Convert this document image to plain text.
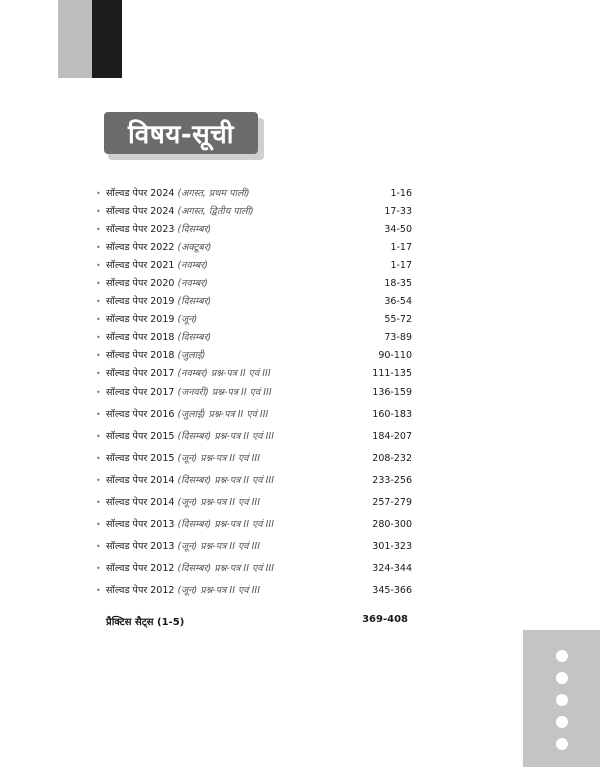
विषय-सूची
• सॉल्वड पेपर 2024 (अगस्त, प्रथम पाली)	1-16
• सॉल्वड पेपर 2024 (अगस्त, द्वितीय पाली)	17-33
• सॉल्वड पेपर 2023 (दिसम्बर)	34-50
• सॉल्वड पेपर 2022 (अक्टूबर)	1-17
• सॉल्वड पेपर 2021 (नवम्बर)	1-17
• सॉल्वड पेपर 2020 (नवम्बर)	18-35
• सॉल्वड पेपर 2019 (दिसम्बर)	36-54
• सॉल्वड पेपर 2019 (जून)	55-72
• सॉल्वड पेपर 2018 (दिसम्बर)	73-89
• सॉल्वड पेपर 2018 (जुलाई)	90-110
• सॉल्वड पेपर 2017 (नवम्बर) प्रश्न-पत्र II एवं III	111-135
• सॉल्वड पेपर 2017 (जनवरी) प्रश्न-पत्र II एवं III	136-159
• सॉल्वड पेपर 2016 (जुलाई) प्रश्न-पत्र II एवं III	160-183
• सॉल्वड पेपर 2015 (दिसम्बर) प्रश्न-पत्र II एवं III	184-207
• सॉल्वड पेपर 2015 (जून) प्रश्न-पत्र II एवं III	208-232
• सॉल्वड पेपर 2014 (दिसम्बर) प्रश्न-पत्र II एवं III	233-256
• सॉल्वड पेपर 2014 (जून) प्रश्न-पत्र II एवं III	257-279
• सॉल्वड पेपर 2013 (दिसम्बर) प्रश्न-पत्र II एवं III	280-300
• सॉल्वड पेपर 2013 (जून) प्रश्न-पत्र II एवं III	301-323
• सॉल्वड पेपर 2012 (दिसम्बर) प्रश्न-पत्र II एवं III	324-344
• सॉल्वड पेपर 2012 (जून) प्रश्न-पत्र II एवं III	345-366
प्रैक्टिस सैट्स (1-5)	369-408
